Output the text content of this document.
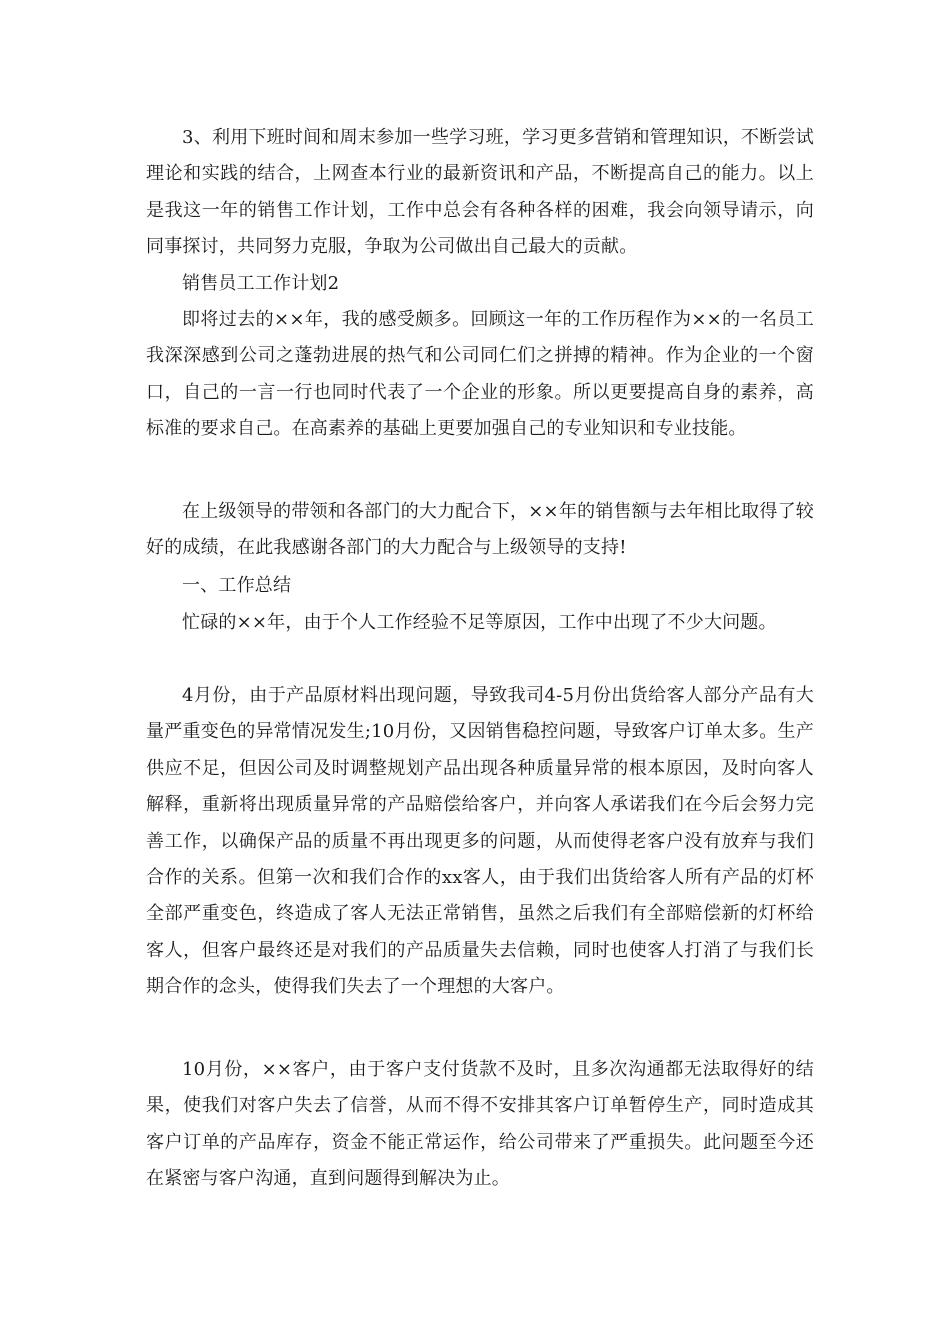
3、利用下班时间和周末参加一些学习班，学习更多营销和管理知识，不断尝试理论和实践的结合，上网查本行业的最新资讯和产品，不断提高自己的能力。以上是我这一年的销售工作计划，工作中总会有各种各样的困难，我会向领导请示，向同事探讨，共同努力克服，争取为公司做出自己最大的贡献。

销售员工工作计划2

即将过去的××年，我的感受颇多。回顾这一年的工作历程作为××的一名员工我深深感到公司之蓬勃进展的热气和公司同仁们之拼搏的精神。作为企业的一个窗口，自己的一言一行也同时代表了一个企业的形象。所以更要提高自身的素养，高标准的要求自己。在高素养的基础上更要加强自己的专业知识和专业技能。

在上级领导的带领和各部门的大力配合下，××年的销售额与去年相比取得了较好的成绩，在此我感谢各部门的大力配合与上级领导的支持!

一、工作总结

忙碌的××年，由于个人工作经验不足等原因，工作中出现了不少大问题。

4月份，由于产品原材料出现问题，导致我司4-5月份出货给客人部分产品有大量严重变色的异常情况发生;10月份，又因销售稳控问题，导致客户订单太多。生产供应不足，但因公司及时调整规划产品出现各种质量异常的根本原因，及时向客人解释，重新将出现质量异常的产品赔偿给客户，并向客人承诺我们在今后会努力完善工作，以确保产品的质量不再出现更多的问题，从而使得老客户没有放弃与我们合作的关系。但第一次和我们合作的xx客人，由于我们出货给客人所有产品的灯杯全部严重变色，终造成了客人无法正常销售，虽然之后我们有全部赔偿新的灯杯给客人，但客户最终还是对我们的产品质量失去信赖，同时也使客人打消了与我们长期合作的念头，使得我们失去了一个理想的大客户。

10月份，××客户，由于客户支付货款不及时，且多次沟通都无法取得好的结果，使我们对客户失去了信誉，从而不得不安排其客户订单暂停生产，同时造成其客户订单的产品库存，资金不能正常运作，给公司带来了严重损失。此问题至今还在紧密与客户沟通，直到问题得到解决为止。
